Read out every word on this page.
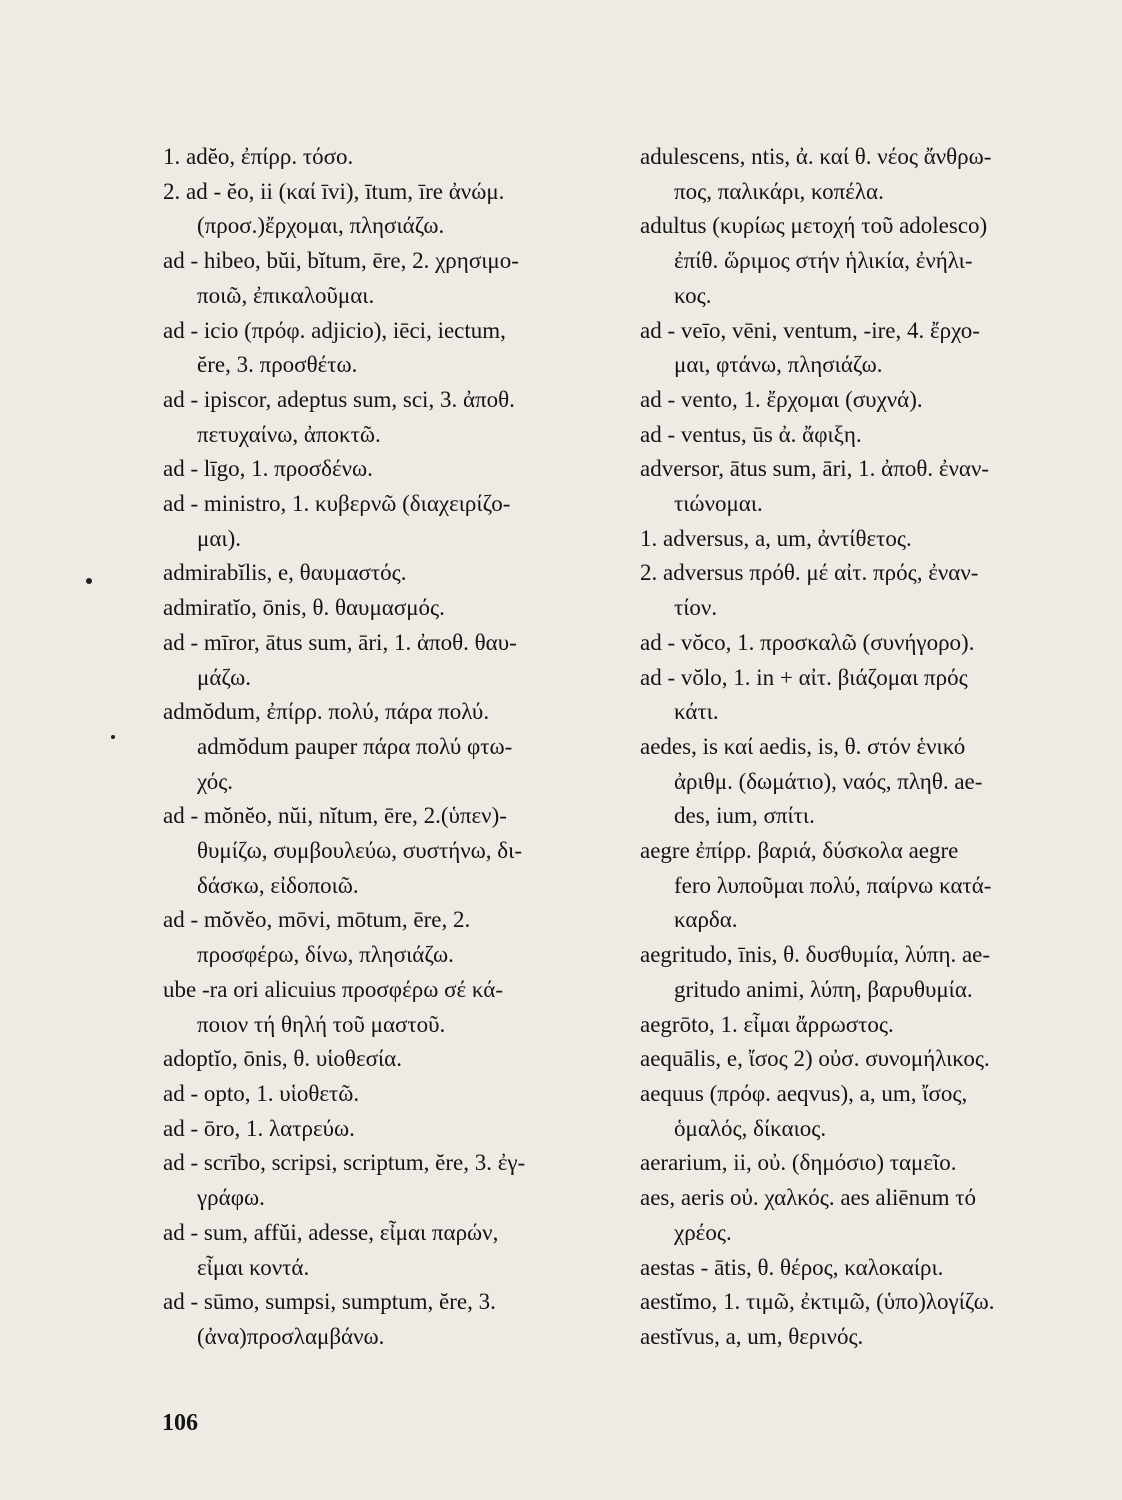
1. adĕo, ἐπίρρ. τόσο.

2. ad - ĕo, ii (καί īvi), ītum, īre ἀνώμ.
(προσ.)ἔρχομαι, πλησιάζω.

ad - hibeo, bŭi, bĭtum, ēre, 2. χρησιμο-
ποιῶ, ἐπικαλοῦμαι.

ad - icio (πρόφ. adjicio), iēci, iectum,
ĕre, 3. προσθέτω.

ad - ipiscor, adeptus sum, sci, 3. ἀποθ.
πετυχαίνω, ἀποκτῶ.

ad - līgo, 1. προσδένω.

ad - ministro, 1. κυβερνῶ (διαχειρίζο-
μαι).

admirabĭlis, e, θαυμαστός.

admiratĭo, ōnis, θ. θαυμασμός.

ad - mīror, ātus sum, āri, 1. ἀποθ. θαυ-
μάζω.

admŏdum, ἐπίρρ. πολύ, πάρα πολύ.
admŏdum pauper πάρα πολύ φτω-
χός.

ad - mŏnĕo, nŭi, nĭtum, ēre, 2.(ὑπεν)-
θυμίζω, συμβουλεύω, συστήνω, δι-
δάσκω, εἰδοποιῶ.

ad - mŏvĕo, mōvi, mōtum, ēre, 2.
προσφέρω, δίνω, πλησιάζω.

ube -ra ori alicuius προσφέρω σέ κά-
ποιον τή θηλή τοῦ μαστοῦ.

adoptĭo, ōnis, θ. υἱοθεσία.

ad - opto, 1. υἱοθετῶ.

ad - ōro, 1. λατρεύω.

ad - scrībo, scripsi, scriptum, ĕre, 3. ἐγ-
γράφω.

ad - sum, affŭi, adesse, εἶμαι παρών,
εἶμαι κοντά.

ad - sūmo, sumpsi, sumptum, ĕre, 3.
(ἀνα)προσλαμβάνω.

adulescens, ntis, ἀ. καί θ. νέος ἄνθρω-
πος, παλικάρι, κοπέλα.

adultus (κυρίως μετοχή τοῦ adolesco)
ἐπίθ. ὥριμος στήν ἡλικία, ἐνήλι-
κος.

ad - veīo, vēni, ventum, -ire, 4. ἔρχο-
μαι, φτάνω, πλησιάζω.

ad - vento, 1. ἔρχομαι (συχνά).

ad - ventus, ūs ἀ. ἄφιξη.

adversor, ātus sum, āri, 1. ἀποθ. ἐναν-
τιώνομαι.

1. adversus, a, um, ἀντίθετος.

2. adversus πρόθ. μέ αἰτ. πρός, ἐναν-
τίον.

ad - vŏco, 1. προσκαλῶ (συνήγορο).

ad - vŏlo, 1. in + αἰτ. βιάζομαι πρός
κάτι.

aedes, is καί aedis, is, θ. στόν ἑνικό
ἀριθμ. (δωμάτιο), ναός, πληθ. ae-
des, ium, σπίτι.

aegre ἐπίρρ. βαριά, δύσκολα aegre
fero λυποῦμαι πολύ, παίρνω κατά-
καρδα.

aegritudo, īnis, θ. δυσθυμία, λύπη. ae-
gritudo animi, λύπη, βαρυθυμία.

aegrōto, 1. εἶμαι ἄρρωστος.

aequālis, e, ἴσος 2) οὐσ. συνομήλικος.

aequus (πρόφ. aeqvus), a, um, ἴσος,
ὁμαλός, δίκαιος.

aerarium, ii, οὐ. (δημόσιο) ταμεῖο.

aes, aeris οὐ. χαλκός. aes aliēnum τό
χρέος.

aestas - ātis, θ. θέρος, καλοκαίρι.

aestĭmo, 1. τιμῶ, ἐκτιμῶ, (ὑπο)λογίζω.

aestĭvus, a, um, θερινός.

106
